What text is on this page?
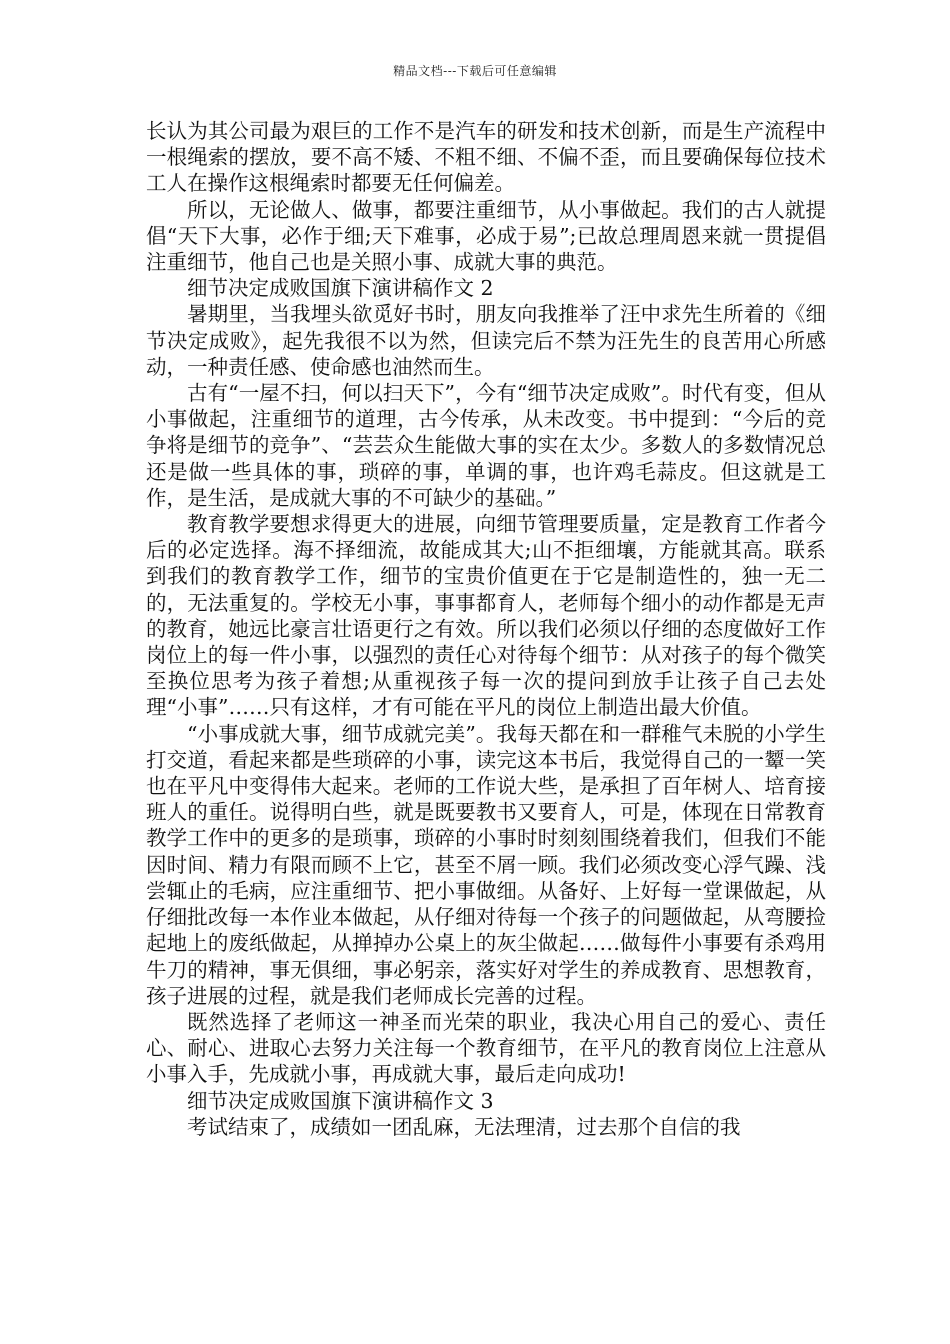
精品文档---下载后可任意编辑

长认为其公司最为艰巨的工作不是汽车的研发和技术创新，而是生产流程中一根绳索的摆放，要不高不矮、不粗不细、不偏不歪，而且要确保每位技术工人在操作这根绳索时都要无任何偏差。

所以，无论做人、做事，都要注重细节，从小事做起。我们的古人就提倡“天下大事，必作于细;天下难事，必成于易”;已故总理周恩来就一贯提倡注重细节，他自己也是关照小事、成就大事的典范。

细节决定成败国旗下演讲稿作文 2

暑期里，当我埋头欲觅好书时，朋友向我推举了汪中求先生所着的《细节决定成败》，起先我很不以为然，但读完后不禁为汪先生的良苦用心所感动，一种责任感、使命感也油然而生。

古有“一屋不扫，何以扫天下”，今有“细节决定成败”。时代有变，但从小事做起，注重细节的道理，古今传承，从未改变。书中提到：“今后的竞争将是细节的竞争”、“芸芸众生能做大事的实在太少。多数人的多数情况总还是做一些具体的事，琐碎的事，单调的事，也许鸡毛蒜皮。但这就是工作，是生活，是成就大事的不可缺少的基础。”

教育教学要想求得更大的进展，向细节管理要质量，定是教育工作者今后的必定选择。海不择细流，故能成其大;山不拒细壤，方能就其高。联系到我们的教育教学工作，细节的宝贵价值更在于它是制造性的，独一无二的，无法重复的。学校无小事，事事都育人，老师每个细小的动作都是无声的教育，她远比豪言壮语更行之有效。所以我们必须以仔细的态度做好工作岗位上的每一件小事，以强烈的责任心对待每个细节：从对孩子的每个微笑至换位思考为孩子着想;从重视孩子每一次的提问到放手让孩子自己去处理“小事”……只有这样，才有可能在平凡的岗位上制造出最大价值。

“小事成就大事，细节成就完美”。我每天都在和一群稚气未脱的小学生打交道，看起来都是些琐碎的小事，读完这本书后，我觉得自己的一颦一笑也在平凡中变得伟大起来。老师的工作说大些，是承担了百年树人、培育接班人的重任。说得明白些，就是既要教书又要育人，可是，体现在日常教育教学工作中的更多的是琐事，琐碎的小事时时刻刻围绕着我们，但我们不能因时间、精力有限而顾不上它，甚至不屑一顾。我们必须改变心浮气躁、浅尝辄止的毛病，应注重细节、把小事做细。从备好、上好每一堂课做起，从仔细批改每一本作业本做起，从仔细对待每一个孩子的问题做起，从弯腰捡起地上的废纸做起，从掸掉办公桌上的灰尘做起……做每件小事要有杀鸡用牛刀的精神，事无俱细，事必躬亲，落实好对学生的养成教育、思想教育，孩子进展的过程，就是我们老师成长完善的过程。

既然选择了老师这一神圣而光荣的职业，我决心用自己的爱心、责任心、耐心、进取心去努力关注每一个教育细节，在平凡的教育岗位上注意从小事入手，先成就小事，再成就大事，最后走向成功!

细节决定成败国旗下演讲稿作文 3

考试结束了，成绩如一团乱麻，无法理清，过去那个自信的我
